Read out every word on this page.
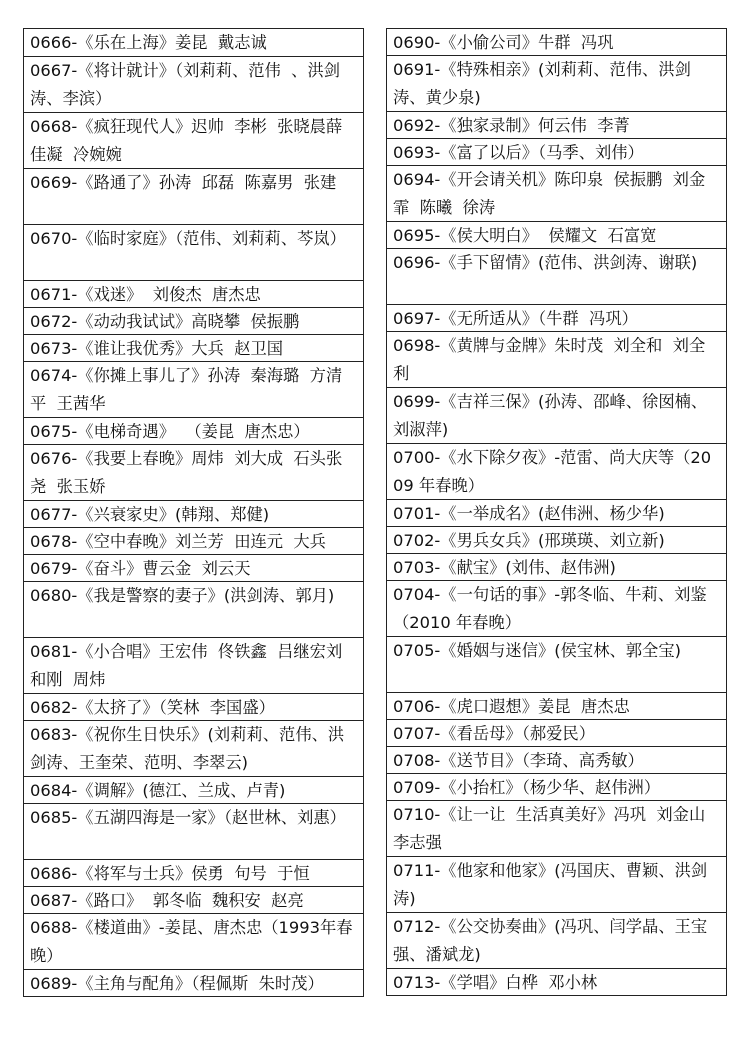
0666-《乐在上海》姜昆  戴志诚
0667-《将计就计》（刘莉莉、范伟  、洪剑涛、李滨）
0668-《疯狂现代人》迟帅  李彬  张晓晨薛佳凝  冷婉婉
0669-《路通了》孙涛  邱磊  陈嘉男  张建
0670-《临时家庭》（范伟、刘莉莉、芩岚）
0671-《戏迷》  刘俊杰  唐杰忠
0672-《动动我试试》高晓攀  侯振鹏
0673-《谁让我优秀》大兵  赵卫国
0674-《你摊上事儿了》孙涛  秦海璐  方清平  王茜华
0675-《电梯奇遇》  （姜昆  唐杰忠）
0676-《我要上春晚》周炜  刘大成  石头张尧  张玉娇
0677-《兴衰家史》(韩翔、郑健)
0678-《空中春晚》刘兰芳  田连元  大兵
0679-《奋斗》曹云金  刘云天
0680-《我是警察的妻子》(洪剑涛、郭月)
0681-《小合唱》王宏伟  佟铁鑫  吕继宏刘和刚  周炜
0682-《太挤了》（笑林  李国盛）
0683-《祝你生日快乐》(刘莉莉、范伟、洪剑涛、王奎荣、范明、李翠云)
0684-《调解》(德江、兰成、卢青)
0685-《五湖四海是一家》（赵世林、刘惠）
0686-《将军与士兵》侯勇  句号  于恒
0687-《路口》  郭冬临  魏积安  赵亮
0688-《楼道曲》-姜昆、唐杰忠（1993年春晚）
0689-《主角与配角》（程佩斯  朱时茂）
0690-《小偷公司》牛群  冯巩
0691-《特殊相亲》(刘莉莉、范伟、洪剑涛、黄少泉)
0692-《独家录制》何云伟  李菁
0693-《富了以后》（马季、刘伟）
0694-《开会请关机》陈印泉  侯振鹏  刘金霏  陈曦  徐涛
0695-《侯大明白》  侯耀文  石富宽
0696-《手下留情》(范伟、洪剑涛、谢联)
0697-《无所适从》（牛群  冯巩）
0698-《黄牌与金牌》朱时茂  刘全和  刘全利
0699-《吉祥三保》(孙涛、邵峰、徐囡楠、刘淑萍)
0700-《水下除夕夜》-范雷、尚大庆等（2009 年春晚）
0701-《一举成名》(赵伟洲、杨少华)
0702-《男兵女兵》(邢瑛瑛、刘立新)
0703-《献宝》(刘伟、赵伟洲)
0704-《一句话的事》-郭冬临、牛莉、刘鉴（2010 年春晚）
0705-《婚姻与迷信》(侯宝林、郭全宝)
0706-《虎口遐想》姜昆  唐杰忠
0707-《看岳母》（郝爱民）
0708-《送节目》（李琦、高秀敏）
0709-《小抬杠》（杨少华、赵伟洲）
0710-《让一让  生活真美好》冯巩  刘金山  李志强
0711-《他家和他家》(冯国庆、曹颖、洪剑涛)
0712-《公交协奏曲》(冯巩、闫学晶、王宝强、潘斌龙)
0713-《学唱》白桦  邓小林
